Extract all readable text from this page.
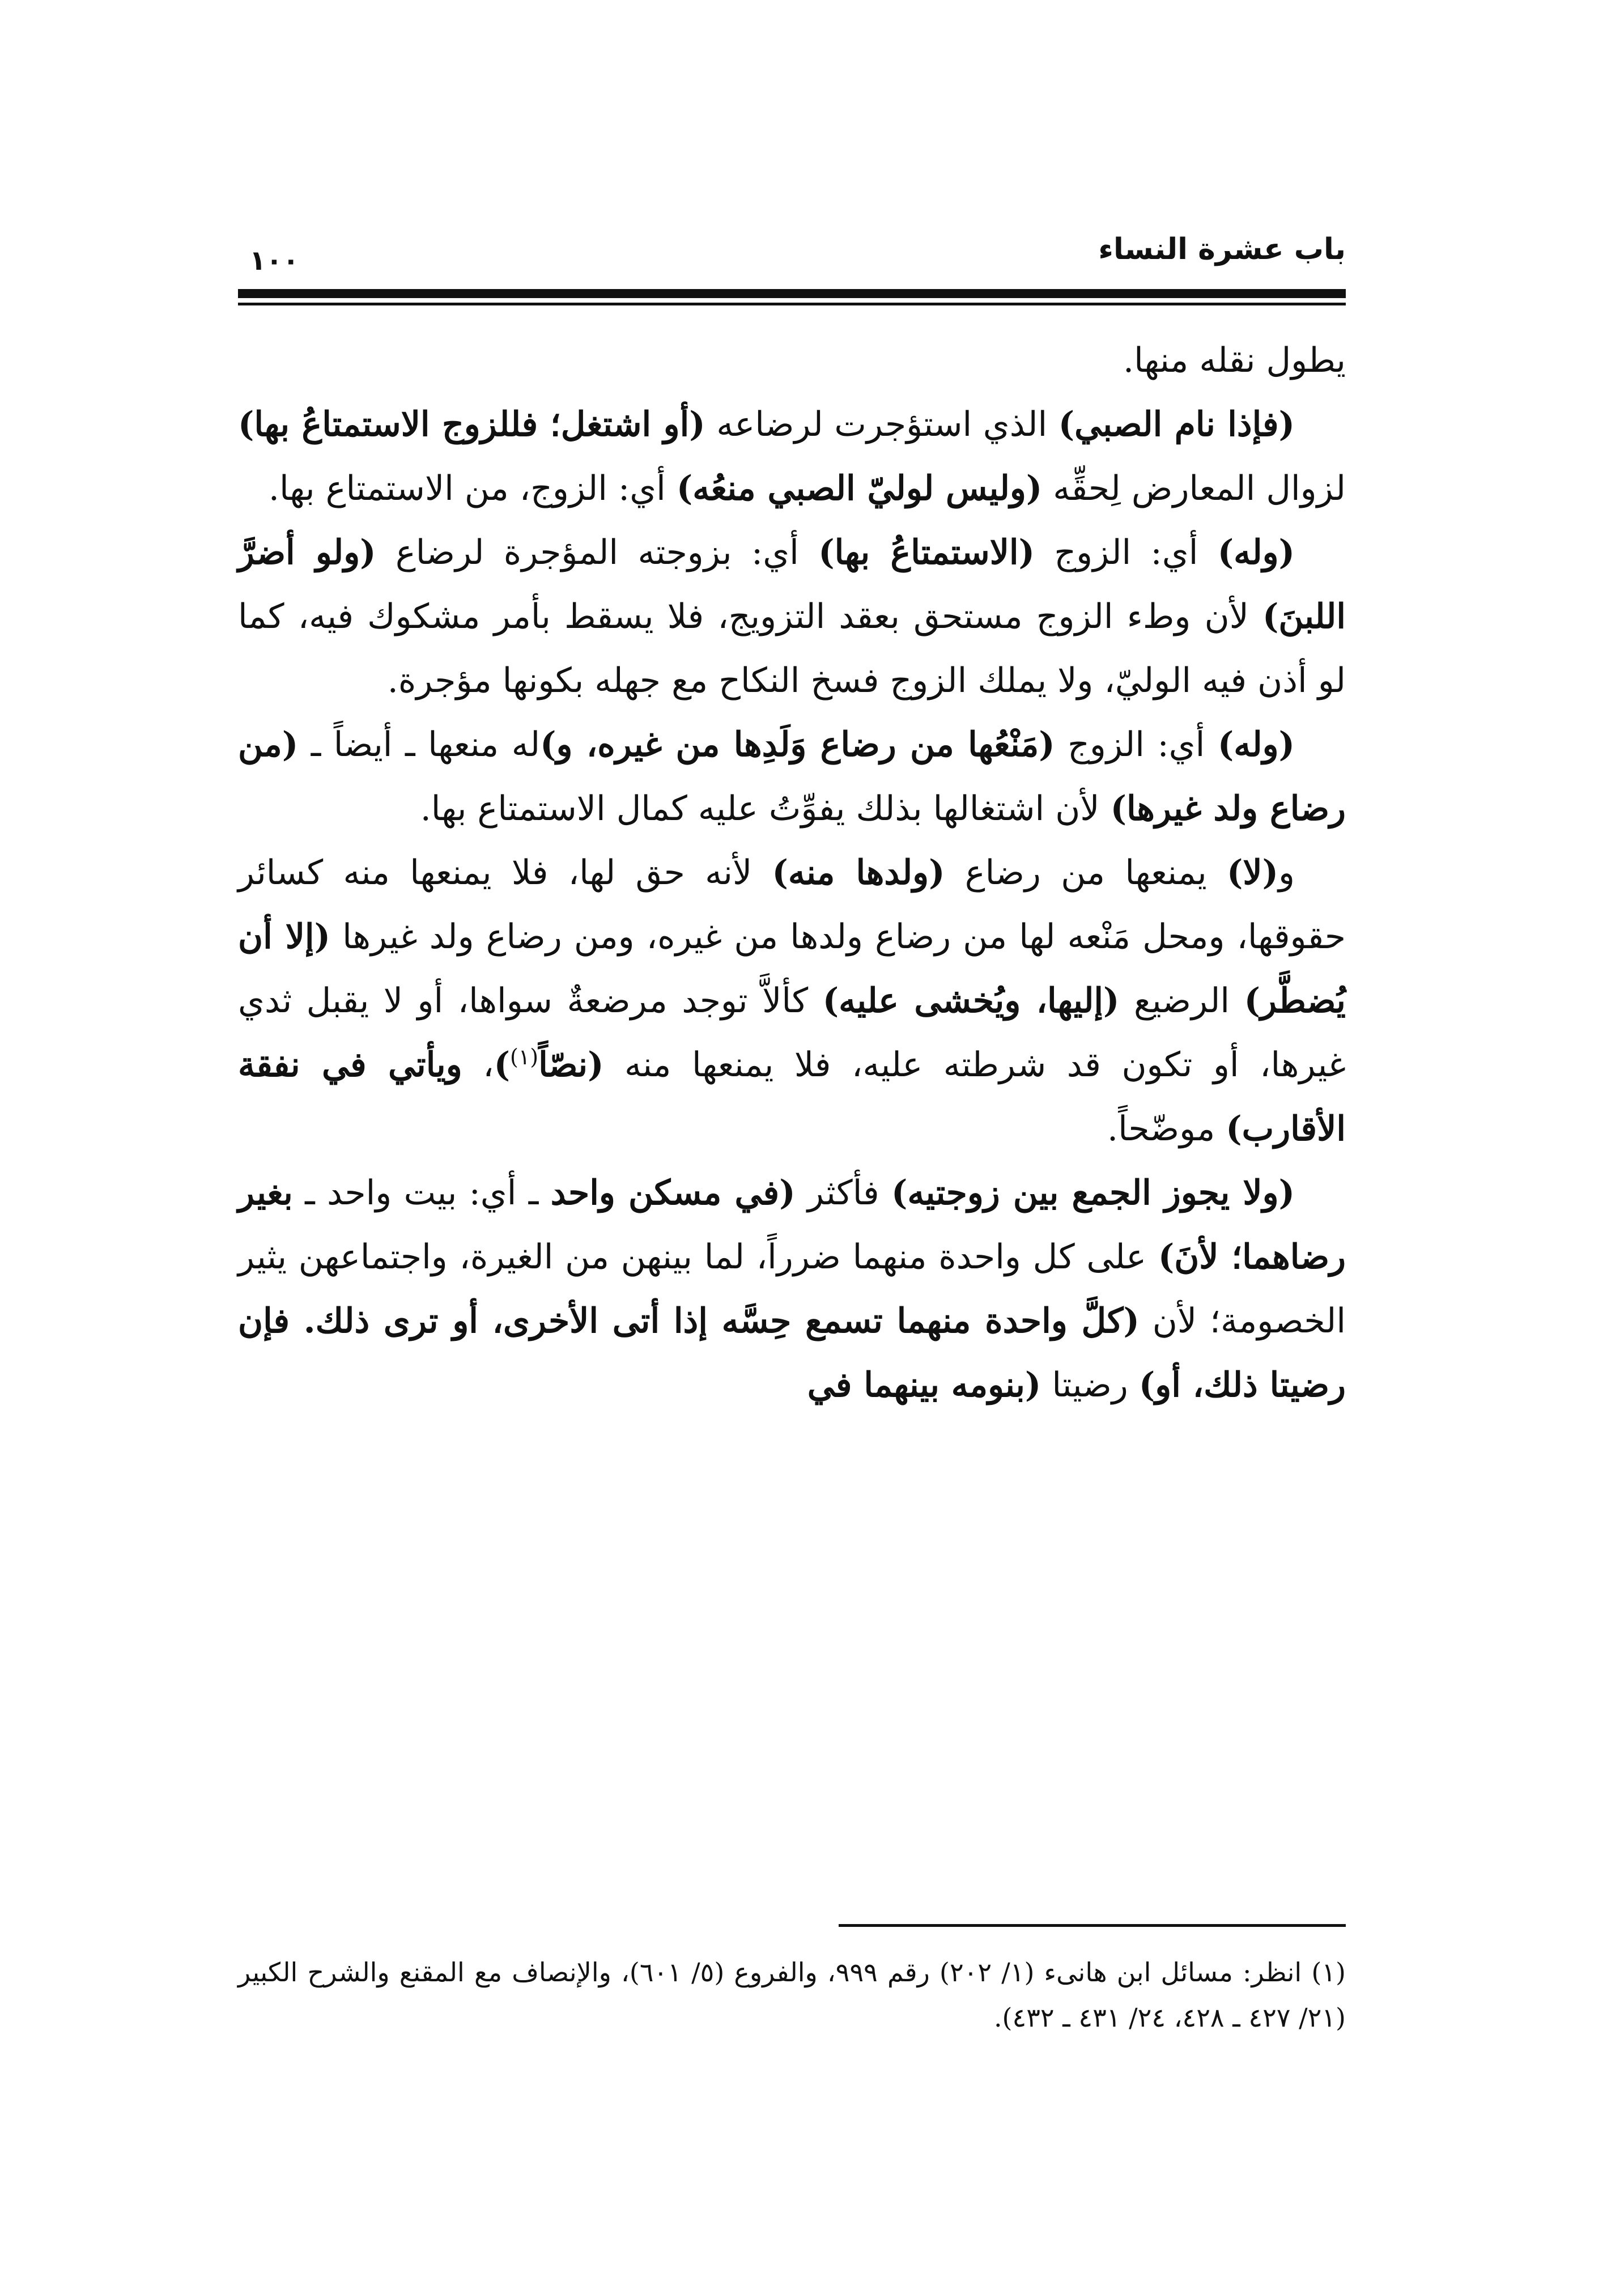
باب عشرة النساء
١٠٠

يطول نقله منها.

(فإذا نام الصبي) الذي استؤجرت لرضاعه (أو اشتغل؛ فللزوج الاستمتاعُ بها) لزوال المعارض لِحقِّه (وليس لوليّ الصبي منعُه) أي: الزوج، من الاستمتاع بها.

(وله) أي: الزوج (الاستمتاعُ بها) أي: بزوجته المؤجرة لرضاع (ولو أضرَّ اللبنَ) لأن وطء الزوج مستحق بعقد التزويج، فلا يسقط بأمر مشكوك فيه، كما لو أذن فيه الوليّ، ولا يملك الزوج فسخ النكاح مع جهله بكونها مؤجرة.

(وله) أي: الزوج (مَنْعُها من رضاع وَلَدِها من غيره، و)له منعها ـ أيضاً ـ (من رضاع ولد غيرها) لأن اشتغالها بذلك يفوِّتُ عليه كمال الاستمتاع بها.

و(لا) يمنعها من رضاع (ولدها منه) لأنه حق لها، فلا يمنعها منه كسائر حقوقها، ومحل مَنْعه لها من رضاع ولدها من غيره، ومن رضاع ولد غيرها (إلا أن يُضطَّر) الرضيع (إليها، ويُخشى عليه) كألاَّ توجد مرضعةٌ سواها، أو لا يقبل ثدي غيرها، أو تكون قد شرطته عليه، فلا يمنعها منه (نصّاً$^{(١)}$)، ويأتي في نفقة الأقارب) موضّحاً.

(ولا يجوز الجمع بين زوجتيه) فأكثر (في مسكن واحد ـ أي: بيت واحد ـ بغير رضاهما؛ لأنَ) على كل واحدة منهما ضرراً، لما بينهن من الغيرة، واجتماعهن يثير الخصومة؛ لأن (كلَّ واحدة منهما تسمع حِسَّه إذا أتى الأخرى، أو ترى ذلك. فإن رضيتا ذلك، أو) رضيتا (بنومه بينهما في

(١) انظر: مسائل ابن هانىء (١/ ٢٠٢) رقم ٩٩٩، والفروع (٥/ ٦٠١)، والإنصاف مع المقنع والشرح الكبير (٢١/ ٤٢٧ ـ ٤٢٨، ٢٤/ ٤٣١ ـ ٤٣٢).
